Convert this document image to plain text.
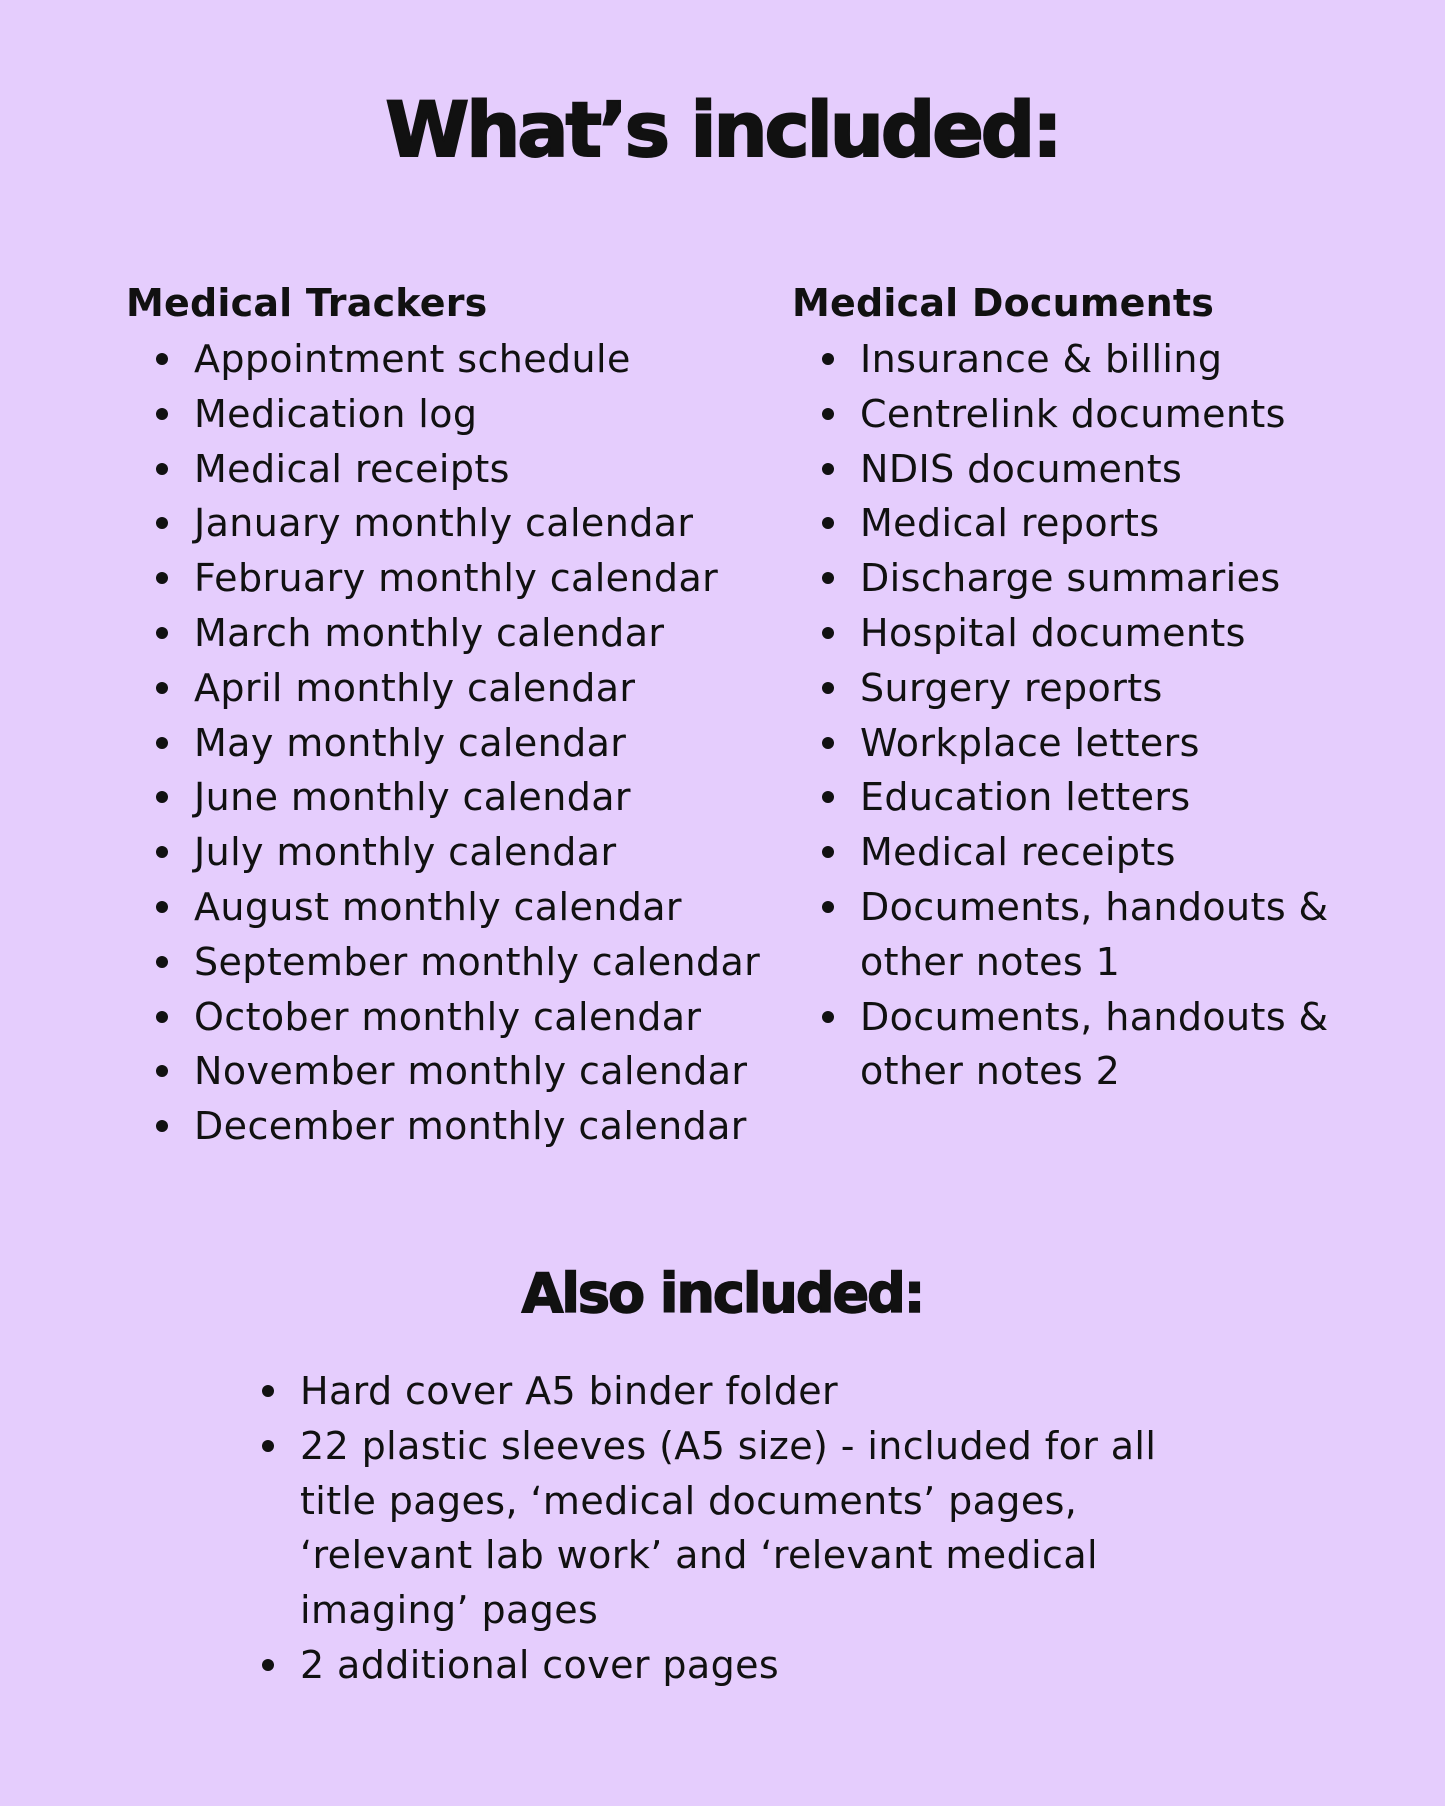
What’s included:
Medical Trackers
Appointment schedule
Medication log
Medical receipts
January monthly calendar
February monthly calendar
March monthly calendar
April monthly calendar
May monthly calendar
June monthly calendar
July monthly calendar
August monthly calendar
September monthly calendar
October monthly calendar
November monthly calendar
December monthly calendar
Medical Documents
Insurance & billing
Centrelink documents
NDIS documents
Medical reports
Discharge summaries
Hospital documents
Surgery reports
Workplace letters
Education letters
Medical receipts
Documents, handouts & other notes 1
Documents, handouts & other notes 2
Also included:
Hard cover A5 binder folder
22 plastic sleeves (A5 size) - included for all title pages, ‘medical documents’ pages, ‘relevant lab work’ and ‘relevant medical imaging’ pages
2 additional cover pages
